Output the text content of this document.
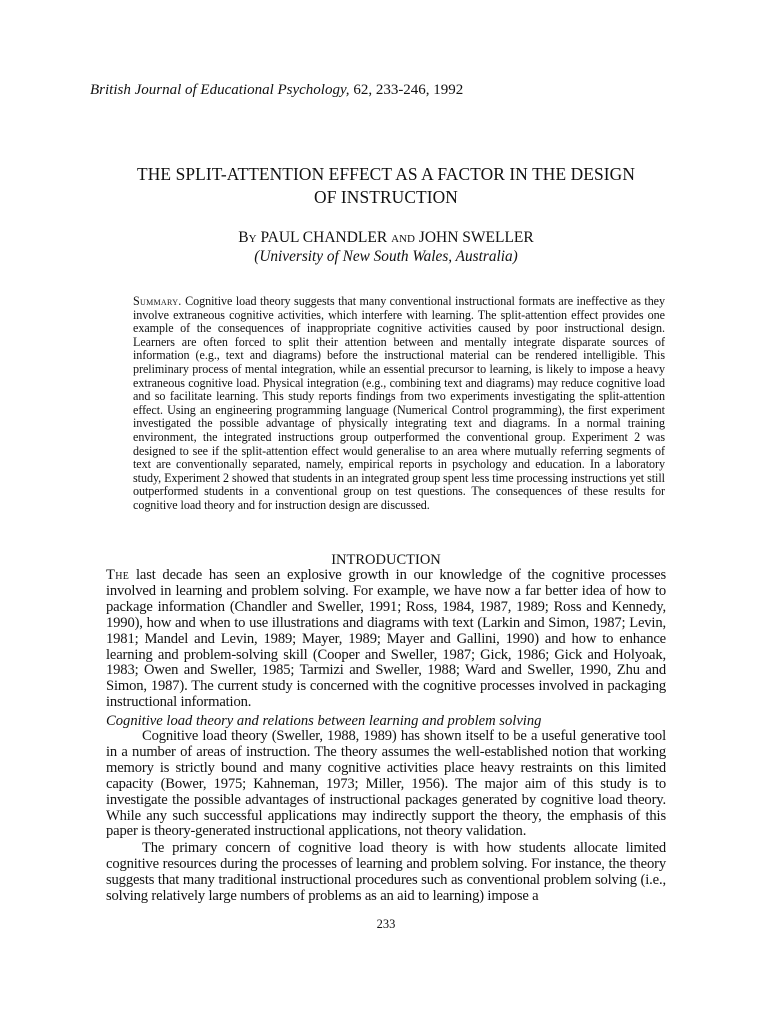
British Journal of Educational Psychology, 62, 233-246, 1992

THE SPLIT-ATTENTION EFFECT AS A FACTOR IN THE DESIGN
OF INSTRUCTION

By PAUL CHANDLER and JOHN SWELLER

(University of New South Wales, Australia)

Summary. Cognitive load theory suggests that many conventional instructional formats are ineffective as they involve extraneous cognitive activities, which interfere with learning. The split-attention effect provides one example of the consequences of inappropriate cognitive activities caused by poor instructional design. Learners are often forced to split their attention between and mentally integrate disparate sources of information (e.g., text and diagrams) before the instructional material can be rendered intelligible. This preliminary process of mental integration, while an essential precursor to learning, is likely to impose a heavy extraneous cognitive load. Physical integration (e.g., combining text and diagrams) may reduce cognitive load and so facilitate learning. This study reports findings from two experiments investigating the split-attention effect. Using an engineering programming language (Numerical Control programming), the first experiment investigated the possible advantage of physically integrating text and diagrams. In a normal training environment, the integrated instructions group outperformed the conventional group. Experiment 2 was designed to see if the split-attention effect would generalise to an area where mutually referring segments of text are conventionally separated, namely, empirical reports in psychology and education. In a laboratory study, Experiment 2 showed that students in an integrated group spent less time processing instructions yet still outperformed students in a conventional group on test questions. The consequences of these results for cognitive load theory and for instruction design are discussed.

INTRODUCTION

The last decade has seen an explosive growth in our knowledge of the cognitive processes involved in learning and problem solving. For example, we have now a far better idea of how to package information (Chandler and Sweller, 1991; Ross, 1984, 1987, 1989; Ross and Kennedy, 1990), how and when to use illustrations and diagrams with text (Larkin and Simon, 1987; Levin, 1981; Mandel and Levin, 1989; Mayer, 1989; Mayer and Gallini, 1990) and how to enhance learning and problem-solving skill (Cooper and Sweller, 1987; Gick, 1986; Gick and Holyoak, 1983; Owen and Sweller, 1985; Tarmizi and Sweller, 1988; Ward and Sweller, 1990, Zhu and Simon, 1987). The current study is concerned with the cognitive processes involved in packaging instructional information.

Cognitive load theory and relations between learning and problem solving

Cognitive load theory (Sweller, 1988, 1989) has shown itself to be a useful generative tool in a number of areas of instruction. The theory assumes the well-established notion that working memory is strictly bound and many cognitive activities place heavy restraints on this limited capacity (Bower, 1975; Kahneman, 1973; Miller, 1956). The major aim of this study is to investigate the possible advantages of instructional packages generated by cognitive load theory. While any such successful applications may indirectly support the theory, the emphasis of this paper is theory-generated instructional applications, not theory validation.

The primary concern of cognitive load theory is with how students allocate limited cognitive resources during the processes of learning and problem solving. For instance, the theory suggests that many traditional instructional procedures such as conventional problem solving (i.e., solving relatively large numbers of problems as an aid to learning) impose a

233
